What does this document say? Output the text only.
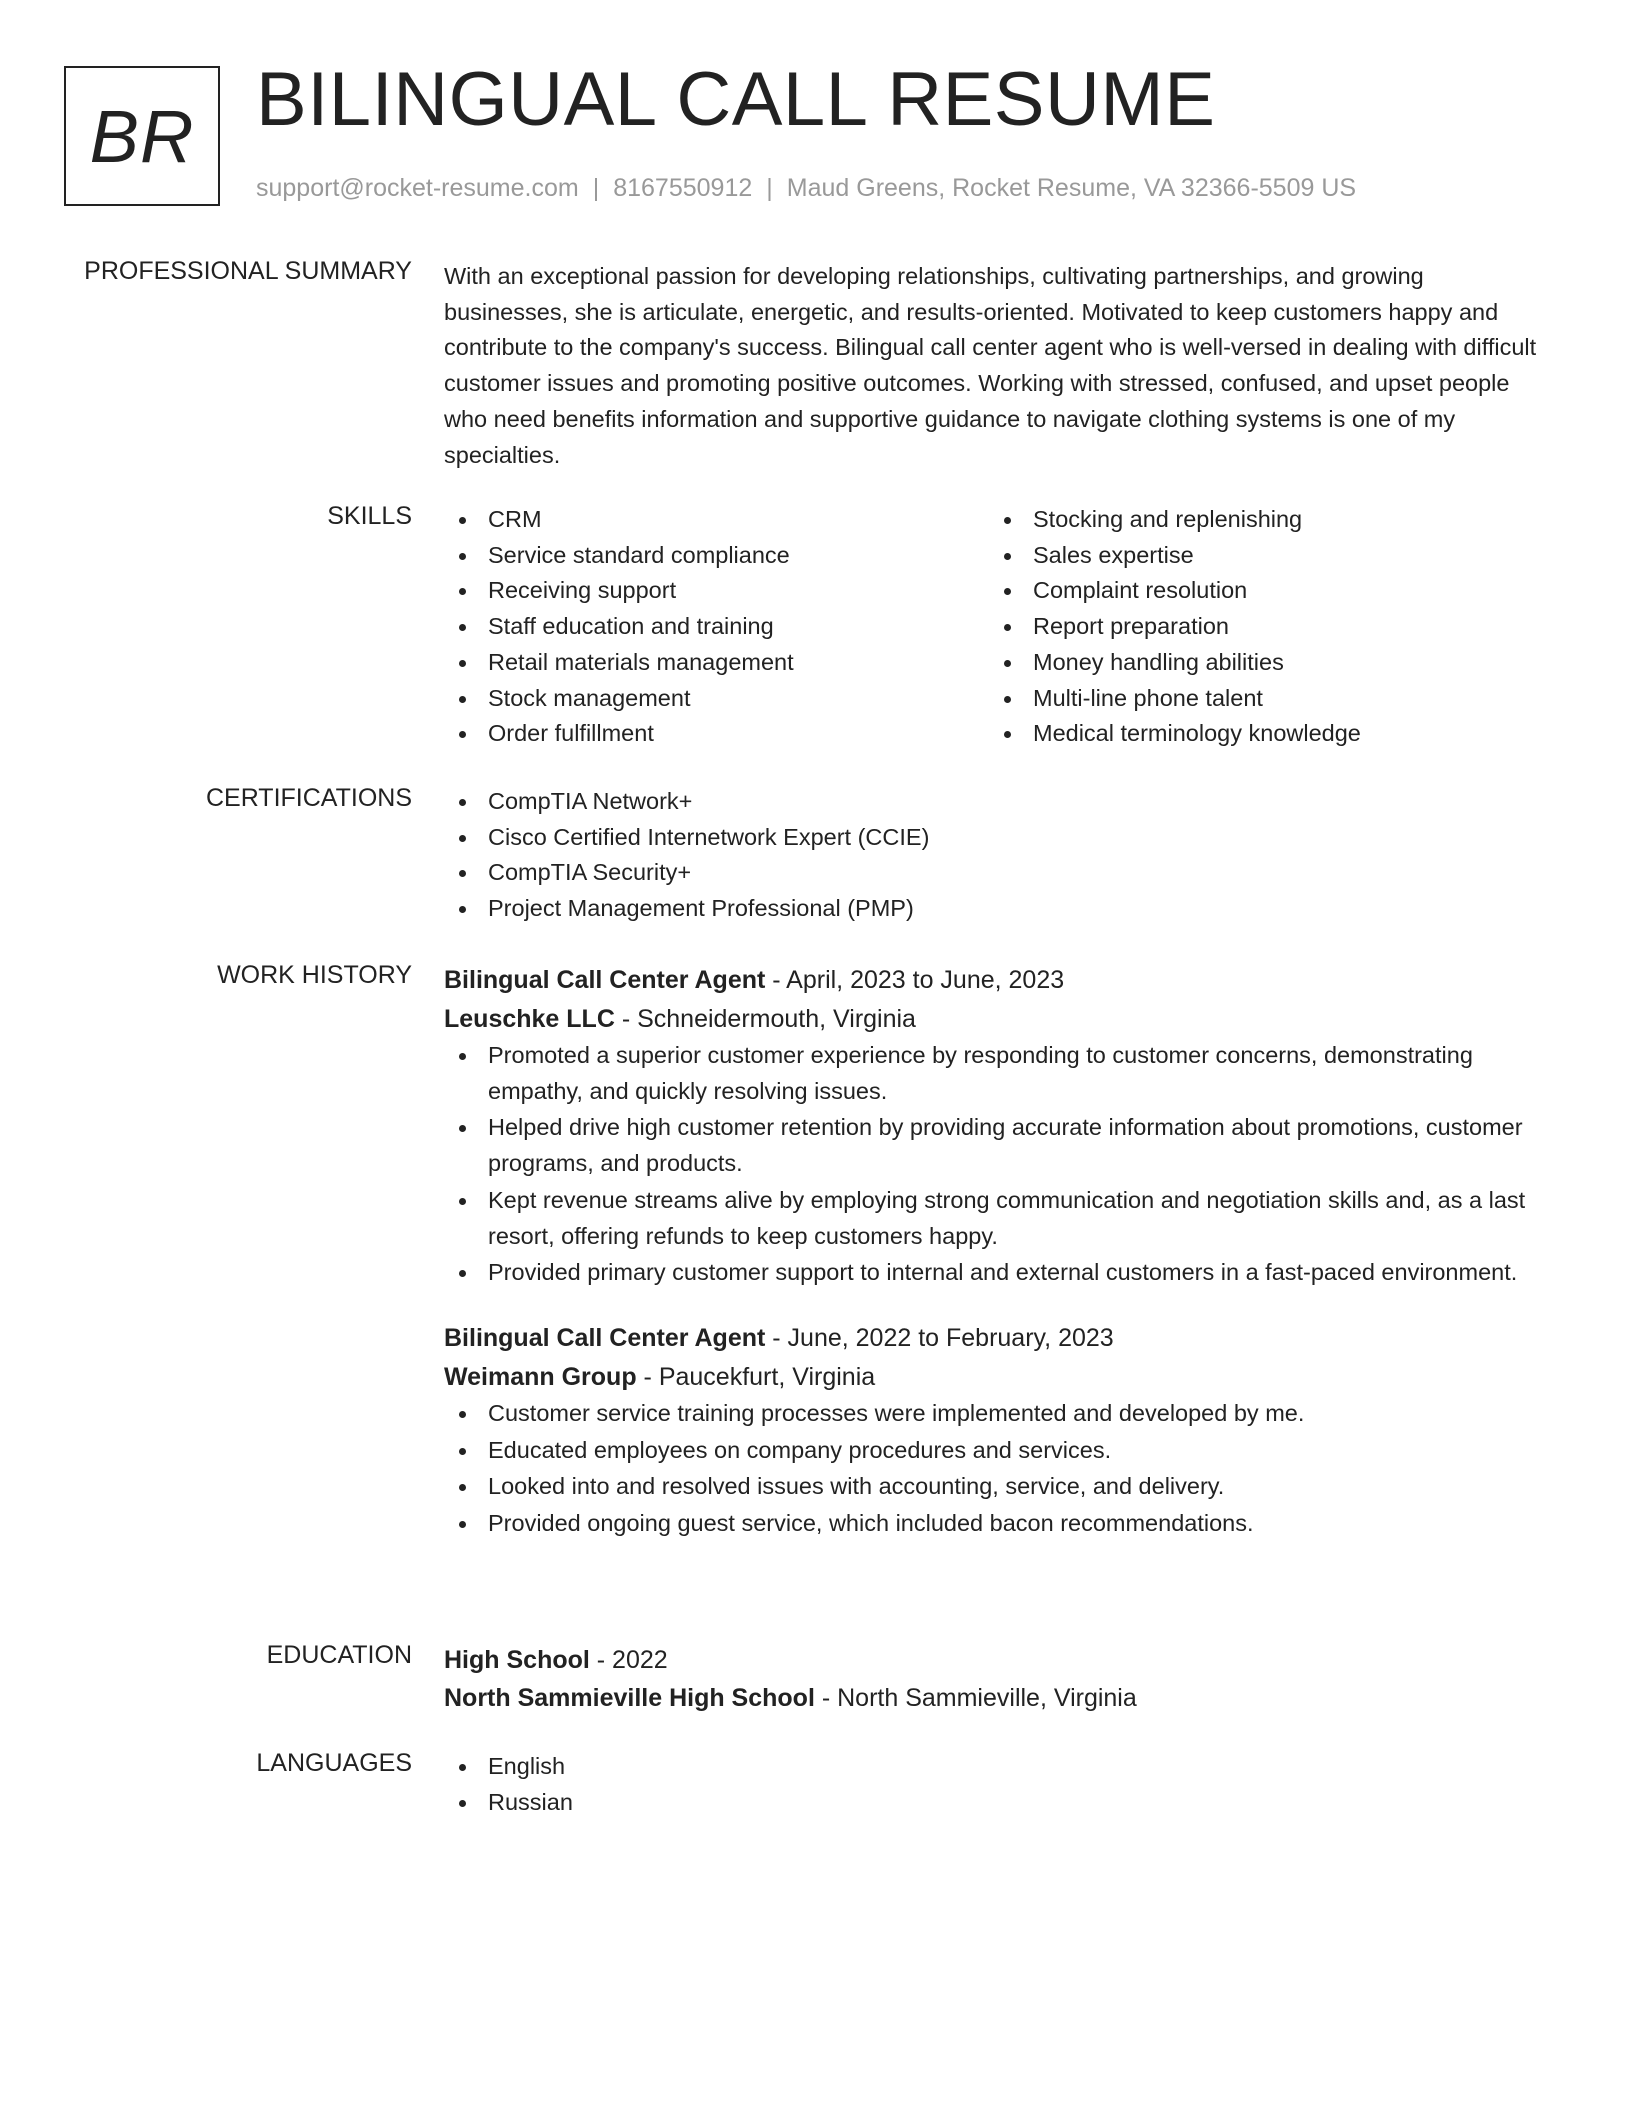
BR BILINGUAL CALL RESUME
support@rocket-resume.com | 8167550912 | Maud Greens, Rocket Resume, VA 32366-5509 US
PROFESSIONAL SUMMARY With an exceptional passion for developing relationships, cultivating partnerships, and growing businesses, she is articulate, energetic, and results-oriented. Motivated to keep customers happy and contribute to the company's success. Bilingual call center agent who is well-versed in dealing with difficult customer issues and promoting positive outcomes. Working with stressed, confused, and upset people who need benefits information and supportive guidance to navigate clothing systems is one of my specialties.
SKILLS	CRM
Service standard compliance
Receiving support
Staff education and training
Retail materials management
Stock management
Order fulfillment
Stocking and replenishing
Sales expertise
Complaint resolution
Report preparation
Money handling abilities
Multi-line phone talent
Medical terminology knowledge
CERTIFICATIONS	CompTIA Network+
Cisco Certified Internetwork Expert (CCIE)
CompTIA Security+
Project Management Professional (PMP)
WORK HISTORY Bilingual Call Center Agent - April, 2023 to June, 2023
Leuschke LLC - Schneidermouth, Virginia
Promoted a superior customer experience by responding to customer concerns, demonstrating empathy, and quickly resolving issues.
Helped drive high customer retention by providing accurate information about promotions, customer programs, and products.
Kept revenue streams alive by employing strong communication and negotiation skills and, as a last resort, offering refunds to keep customers happy.
Provided primary customer support to internal and external customers in a fast-paced environment.
Bilingual Call Center Agent - June, 2022 to February, 2023
Weimann Group - Paucekfurt, Virginia
Customer service training processes were implemented and developed by me.
Educated employees on company procedures and services.
Looked into and resolved issues with accounting, service, and delivery.
Provided ongoing guest service, which included bacon recommendations.
EDUCATION High School - 2022
North Sammieville High School - North Sammieville, Virginia
LANGUAGES	English
Russian
